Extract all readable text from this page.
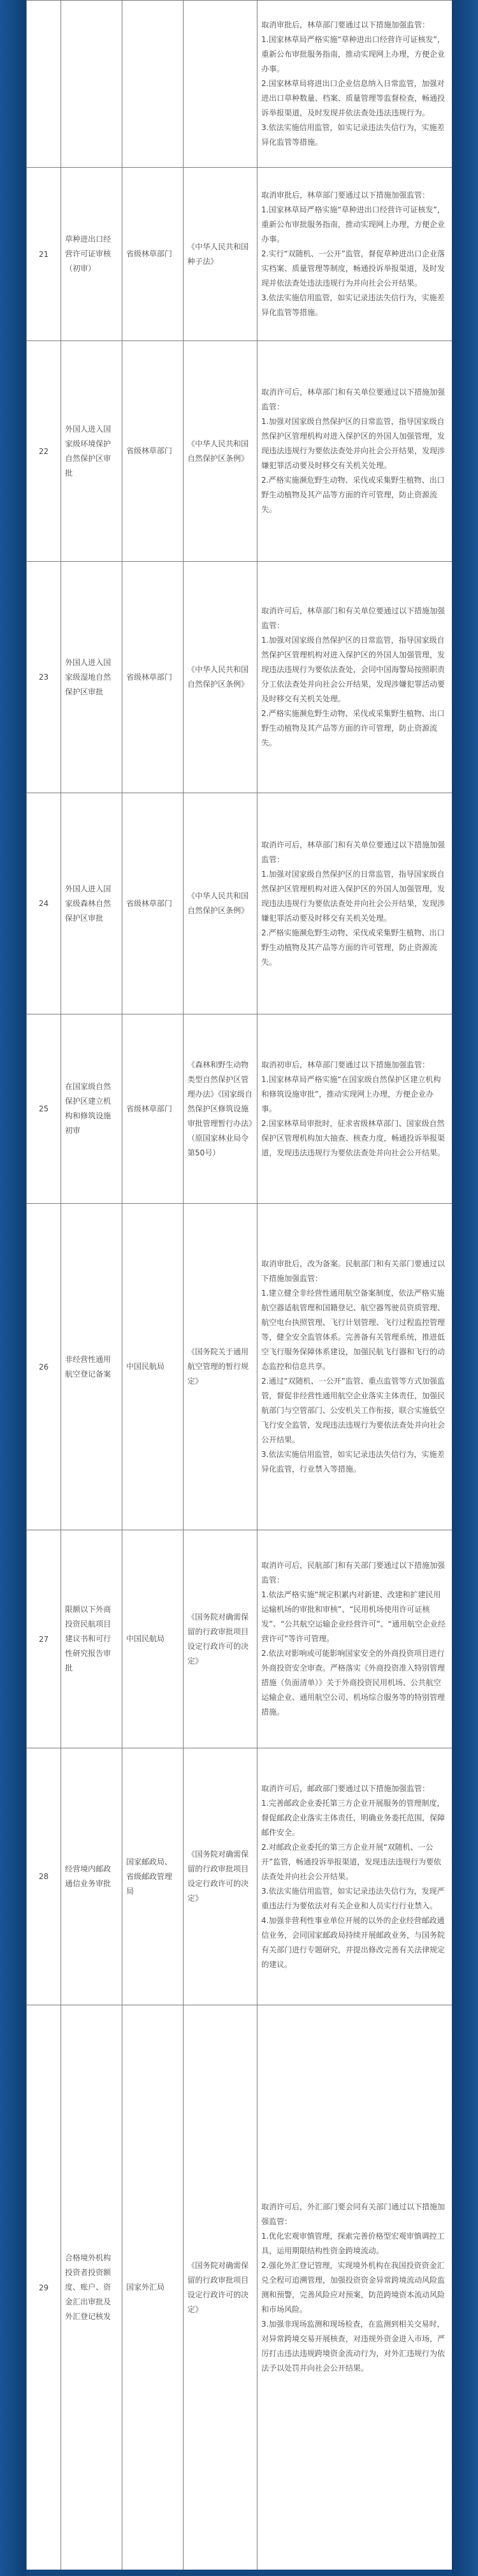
				取消审批后，林草部门要通过以下措施加强监管：

1.国家林草局严格实施“草种进出口经营许可证核发”，重新公布审批服务指南，推动实现网上办理，方便企业办事。

2.国家林草局将进出口企业信息纳入日常监管，加强对进出口草种数量、档案、质量管理等监督检查，畅通投诉举报渠道，及时发现并依法查处违法违规行为。

3.依法实施信用监管，如实记录违法失信行为，实施差异化监管等措施。

21	草种进出口经营许可证审核（初审）	省级林草部门	《中华人民共和国种子法》	取消审批后，林草部门要通过以下措施加强监管：

1.国家林草局严格实施“草种进出口经营许可证核发”，重新公布审批服务指南，推动实现网上办理，方便企业办事。

2.实行“双随机、一公开”监管，督促草种进出口企业落实档案、质量管理等制度，畅通投诉举报渠道，及时发现并依法查处违法违规行为并向社会公开结果。

3.依法实施信用监管，如实记录违法失信行为，实施差异化监管等措施。

22	外国人进入国家级环境保护自然保护区审批	省级林草部门	《中华人民共和国自然保护区条例》	取消许可后，林草部门和有关单位要通过以下措施加强监管：

1.加强对国家级自然保护区的日常监管，指导国家级自然保护区管理机构对进入保护区的外国人加强管理，发现违法违规行为要依法查处并向社会公开结果，发现涉嫌犯罪活动要及时移交有关机关处理。

2.严格实施濒危野生动物、采伐或采集野生植物、出口野生动植物及其产品等方面的许可管理，防止资源流失。

23	外国人进入国家级湿地自然保护区审批	省级林草部门	《中华人民共和国自然保护区条例》	取消许可后，林草部门和有关单位要通过以下措施加强监管：

1.加强对国家级自然保护区的日常监管，指导国家级自然保护区管理机构对进入保护区的外国人加强管理，发现违法违规行为要依法查处，会同中国海警局按照职责分工依法查处并向社会公开结果，发现涉嫌犯罪活动要及时移交有关机关处理。

2.严格实施濒危野生动物、采伐或采集野生植物、出口野生动植物及其产品等方面的许可管理，防止资源流失。

24	外国人进入国家级森林自然保护区审批	省级林草部门	《中华人民共和国自然保护区条例》	取消许可后，林草部门和有关单位要通过以下措施加强监管：

1.加强对国家级自然保护区的日常监管，指导国家级自然保护区管理机构对进入保护区的外国人加强管理，发现违法违规行为要依法查处并向社会公开结果，发现涉嫌犯罪活动要及时移交有关机关处理。

2.严格实施濒危野生动物、采伐或采集野生植物、出口野生动植物及其产品等方面的许可管理，防止资源流失。

25	在国家级自然保护区建立机构和修筑设施初审	省级林草部门	《森林和野生动物类型自然保护区管理办法》《国家级自然保护区修筑设施审批管理暂行办法》（原国家林业局令第50号）	取消初审后，林草部门要通过以下措施加强监管：

1.国家林草局严格实施“在国家级自然保护区建立机构和修筑设施审批”，推动实现网上办理，方便企业办事。

2.国家林草局审批时，征求省级林草部门、国家级自然保护区管理机构加大抽查、核查力度，畅通投诉举报渠道，发现违法违规行为要依法查处并向社会公开结果。

26	非经营性通用航空登记备案	中国民航局	《国务院关于通用航空管理的暂行规定》	取消审批后，改为备案。民航部门和有关部门要通过以下措施加强监管：

1.建立健全非经营性通用航空备案制度，依法严格实施航空器适航管理和国籍登记、航空器驾驶员资质管理、航空电台执照管理、飞行计划管理、飞行过程监控管理等，健全安全监管体系。完善备有关管理系统，推进低空飞行服务保障体系建设，加强民航飞行器和飞行的动态监控和信息共享。

2.通过“双随机、一公开”监管、重点监管等方式加强监管，督促非经营性通用航空企业落实主体责任，加强民航部门与空管部门、公安机关工作衔接，联合实施低空飞行安全监管，发现违法违规行为要依法查处并向社会公开结果。

3.依法实施信用监管，如实记录违法失信行为，实施差异化监管，行业禁入等措施。

27	限额以下外商投资民航项目建议书和可行性研究报告审批	中国民航局	《国务院对确需保留的行政审批项目设定行政许可的决定》	取消许可后，民航部门和有关部门要通过以下措施加强监管：

1.依法严格实施“规定积累内对新建、改建和扩建民用运输机场的审批和审核”、“民用机场使用许可证核发”、“公共航空运输企业经营许可”、“通用航空企业经营许可”等许可管理。

2.依法对影响或可能影响国家安全的外商投资项目进行外商投资安全审查。严格落实《外商投资准入特别管理措施（负面清单）》关于外商投资民用机场、公共航空运输企业、通用航空公司、机场综合服务等的特别管理措施。

28	经营境内邮政通信业务审批	国家邮政局、省级邮政管理局	《国务院对确需保留的行政审批项目设定行政许可的决定》	取消许可后，邮政部门要通过以下措施加强监管：

1.完善邮政企业委托第三方企业开展服务的管理制度，督促邮政企业落实主体责任，明确业务委托范围，保障邮件安全。

2.对邮政企业委托的第三方企业开展“双随机、一公开”监管，畅通投诉举报渠道，发现违法违规行为要依法查处并向社会公开结果。

3.依法实施信用监管，如实记录违法失信行为，发现严重违法行为要依法对有关企业和人员实行行业禁入。

4.加强非营利性事业单位开展的以外的企业经营邮政通信业务，会同国家邮政局持续开展邮政业务，与国务院有关部门进行专题研究，并提出修改完善有关法律规定的建议。

29	合格境外机构投资者投资额度、账户、资金汇出审批及外汇登记核发	国家外汇局	《国务院对确需保留的行政审批项目设定行政许可的决定》	取消许可后，外汇部门要会同有关部门通过以下措施加强监管：

1.优化宏观审慎管理，探索完善价格型宏观审慎调控工具，运用期限结构性资金跨境流动。

2.强化外汇登记管理，实现境外机构在我国投资资金汇兑全程可追溯管理，加强投资资金异常跨境流动风险监测和预警，完善风险应对预案，防范跨境资本流动风险和市场风险。

3.加强非现场监测和现场检查，在监测到相关交易时，对异常跨境交易开展核查，对违规外资金进入市场，严厉打击违法违规跨境资金流动行为，对外汇违规行为依法予以处罚并向社会公开结果。
